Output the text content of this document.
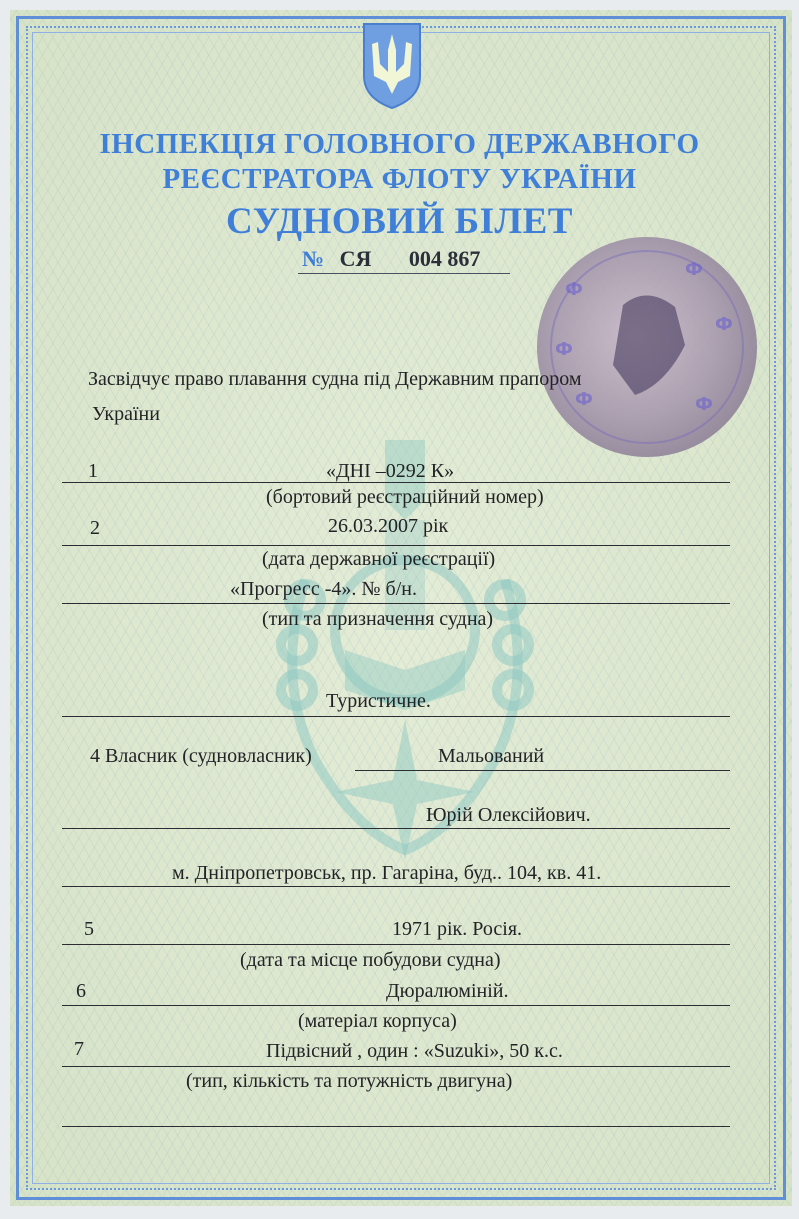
ІНСПЕКЦІЯ ГОЛОВНОГО ДЕРЖАВНОГО
РЕЄСТРАТОРА ФЛОТУ УКРАЇНИ
СУДНОВИЙ БІЛЕТ
№ СЯ 004 867
Ф
Ф
Ф
Ф
Ф	Ф
Засвідчує право плавання судна під Державним прапором
України
1	«ДНІ –0292 К»
(бортовий реєстраційний номер)
2	26.03.2007 рік
(дата державної реєстрації)
«Прогресс -4». № б/н.
(тип та призначення судна)
Туристичне.
4 Власник (судновласник)	Мальований
Юрій Олексійович.
м. Дніпропетровськ, пр. Гагаріна, буд.. 104, кв. 41.
5	1971 рік. Росія.
(дата та місце побудови судна)
6	Дюралюміній.
(матеріал корпуса)
7	Підвісний , один : «Suzuki», 50 к.с.
(тип, кількість та потужність двигуна)
